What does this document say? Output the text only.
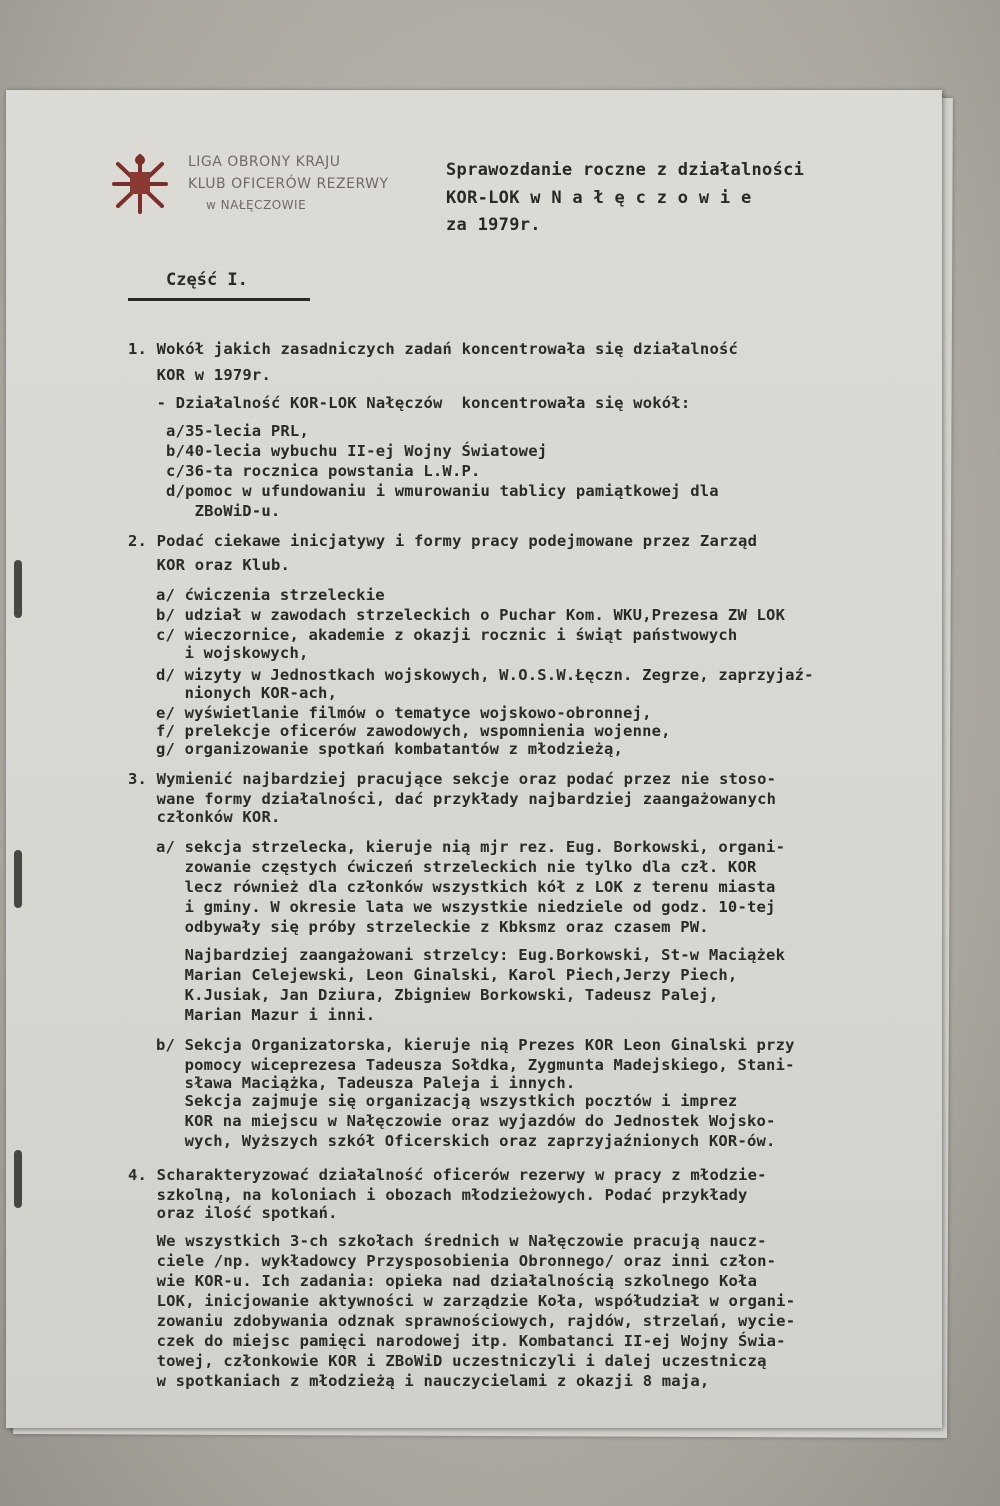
LIGA OBRONY KRAJU
KLUB OFICERÓW REZERWY
w NAŁĘCZOWIE
Sprawozdanie roczne z działalności
KOR-LOK w N a ł ę c z o w i e
za 1979r.
Część I.
1. Wokół jakich zasadniczych zadań koncentrowała się działalność
KOR w 1979r.
- Działalność KOR-LOK Nałęczów  koncentrowała się wokół:
a/35-lecia PRL,
b/40-lecia wybuchu II-ej Wojny Światowej
c/36-ta rocznica powstania L.W.P.
d/pomoc w ufundowaniu i wmurowaniu tablicy pamiątkowej dla
ZBoWiD-u.
2. Podać ciekawe inicjatywy i formy pracy podejmowane przez Zarząd
KOR oraz Klub.
a/ ćwiczenia strzeleckie
b/ udział w zawodach strzeleckich o Puchar Kom. WKU,Prezesa ZW LOK
c/ wieczornice, akademie z okazji rocznic i świąt państwowych
i wojskowych,
d/ wizyty w Jednostkach wojskowych, W.O.S.W.Łęczn. Zegrze, zaprzyjaź-
nionych KOR-ach,
e/ wyświetlanie filmów o tematyce wojskowo-obronnej,
f/ prelekcje oficerów zawodowych, wspomnienia wojenne,
g/ organizowanie spotkań kombatantów z młodzieżą,
3. Wymienić najbardziej pracujące sekcje oraz podać przez nie stoso-
wane formy działalności, dać przykłady najbardziej zaangażowanych
członków KOR.
a/ sekcja strzelecka, kieruje nią mjr rez. Eug. Borkowski, organi-
zowanie częstych ćwiczeń strzeleckich nie tylko dla czł. KOR
lecz również dla członków wszystkich kół z LOK z terenu miasta
i gminy. W okresie lata we wszystkie niedziele od godz. 10-tej
odbywały się próby strzeleckie z Kbksmz oraz czasem PW.
Najbardziej zaangażowani strzelcy: Eug.Borkowski, St-w Maciążek
Marian Celejewski, Leon Ginalski, Karol Piech,Jerzy Piech,
K.Jusiak, Jan Dziura, Zbigniew Borkowski, Tadeusz Palej,
Marian Mazur i inni.
b/ Sekcja Organizatorska, kieruje nią Prezes KOR Leon Ginalski przy
pomocy wiceprezesa Tadeusza Sołdka, Zygmunta Madejskiego, Stani-
sława Maciążka, Tadeusza Paleja i innych.
Sekcja zajmuje się organizacją wszystkich pocztów i imprez
KOR na miejscu w Nałęczowie oraz wyjazdów do Jednostek Wojsko-
wych, Wyższych szkół Oficerskich oraz zaprzyjaźnionych KOR-ów.
4. Scharakteryzować działalność oficerów rezerwy w pracy z młodzie-
szkolną, na koloniach i obozach młodzieżowych. Podać przykłady
oraz ilość spotkań.
We wszystkich 3-ch szkołach średnich w Nałęczowie pracują naucz-
ciele /np. wykładowcy Przysposobienia Obronnego/ oraz inni człon-
wie KOR-u. Ich zadania: opieka nad działalnością szkolnego Koła
LOK, inicjowanie aktywności w zarządzie Koła, współudział w organi-
zowaniu zdobywania odznak sprawnościowych, rajdów, strzelań, wycie-
czek do miejsc pamięci narodowej itp. Kombatanci II-ej Wojny Świa-
towej, członkowie KOR i ZBoWiD uczestniczyli i dalej uczestniczą
w spotkaniach z młodzieżą i nauczycielami z okazji 8 maja,
